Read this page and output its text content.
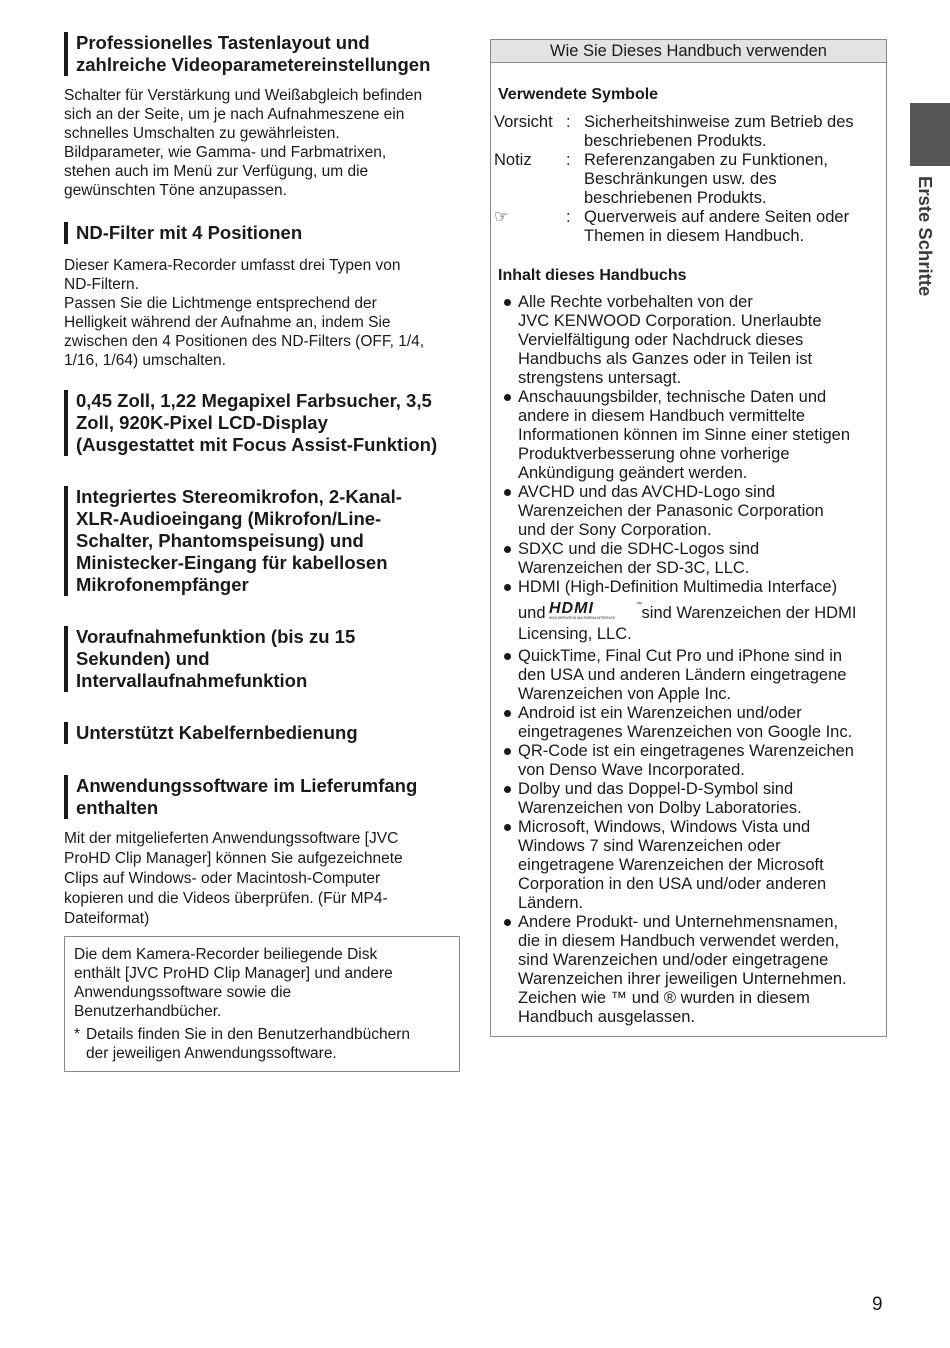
Erste Schritte
Professionelles Tastenlayout und
zahlreiche Videoparametereinstellungen

Schalter für Verstärkung und Weißabgleich befinden
sich an der Seite, um je nach Aufnahmeszene ein
schnelles Umschalten zu gewährleisten.
Bildparameter, wie Gamma- und Farbmatrixen,
stehen auch im Menü zur Verfügung, um die
gewünschten Töne anzupassen.

ND-Filter mit 4 Positionen

Dieser Kamera-Recorder umfasst drei Typen von
ND-Filtern.
Passen Sie die Lichtmenge entsprechend der
Helligkeit während der Aufnahme an, indem Sie
zwischen den 4 Positionen des ND-Filters (OFF, 1/4,
1/16, 1/64) umschalten.

0,45 Zoll, 1,22 Megapixel Farbsucher, 3,5
Zoll, 920K-Pixel LCD-Display
(Ausgestattet mit Focus Assist-Funktion)
Integriertes Stereomikrofon, 2-Kanal-
XLR-Audioeingang (Mikrofon/Line-
Schalter, Phantomspeisung) und
Ministecker-Eingang für kabellosen
Mikrofonempfänger
Voraufnahmefunktion (bis zu 15
Sekunden) und
Intervallaufnahmefunktion
Unterstützt Kabelfernbedienung
Anwendungssoftware im Lieferumfang
enthalten

Mit der mitgelieferten Anwendungssoftware [JVC
ProHD Clip Manager] können Sie aufgezeichnete
Clips auf Windows- oder Macintosh-Computer
kopieren und die Videos überprüfen. (Für MP4-
Dateiformat)

Die dem Kamera-Recorder beiliegende Disk
enthält [JVC ProHD Clip Manager] und andere
Anwendungssoftware sowie die
Benutzerhandbücher.

* Details finden Sie in den Benutzerhandbüchern
der jeweiligen Anwendungssoftware.
Wie Sie Dieses Handbuch verwenden
Verwendete Symbole
Vorsicht : Sicherheitshinweise zum Betrieb des
beschriebenen Produkts.
Notiz : Referenzangaben zu Funktionen,
Beschränkungen usw. des
beschriebenen Produkts.
☞	: Querverweis auf andere Seiten oder
Themen in diesem Handbuch.
Inhalt dieses Handbuchs
Alle Rechte vorbehalten von der
JVC KENWOOD Corporation. Unerlaubte
Vervielfältigung oder Nachdruck dieses
Handbuchs als Ganzes oder in Teilen ist
strengstens untersagt.
Anschauungsbilder, technische Daten und
andere in diesem Handbuch vermittelte
Informationen können im Sinne einer stetigen
Produktverbesserung ohne vorherige
Ankündigung geändert werden.
AVCHD und das AVCHD-Logo sind
Warenzeichen der Panasonic Corporation
und der Sony Corporation.
SDXC und die SDHC-Logos sind
Warenzeichen der SD-3C, LLC.
HDMI (High-Definition Multimedia Interface)
und HDMI	™
HIGH-DEFINITION MULTIMEDIA INTERFACE sind Warenzeichen der HDMI
Licensing, LLC.
QuickTime, Final Cut Pro und iPhone sind in
den USA und anderen Ländern eingetragene
Warenzeichen von Apple Inc.
Android ist ein Warenzeichen und/oder
eingetragenes Warenzeichen von Google Inc.
QR-Code ist ein eingetragenes Warenzeichen
von Denso Wave Incorporated.
Dolby und das Doppel-D-Symbol sind
Warenzeichen von Dolby Laboratories.
Microsoft, Windows, Windows Vista und
Windows 7 sind Warenzeichen oder
eingetragene Warenzeichen der Microsoft
Corporation in den USA und/oder anderen
Ländern.
Andere Produkt- und Unternehmensnamen,
die in diesem Handbuch verwendet werden,
sind Warenzeichen und/oder eingetragene
Warenzeichen ihrer jeweiligen Unternehmen.
Zeichen wie ™ und ® wurden in diesem
Handbuch ausgelassen.
9
